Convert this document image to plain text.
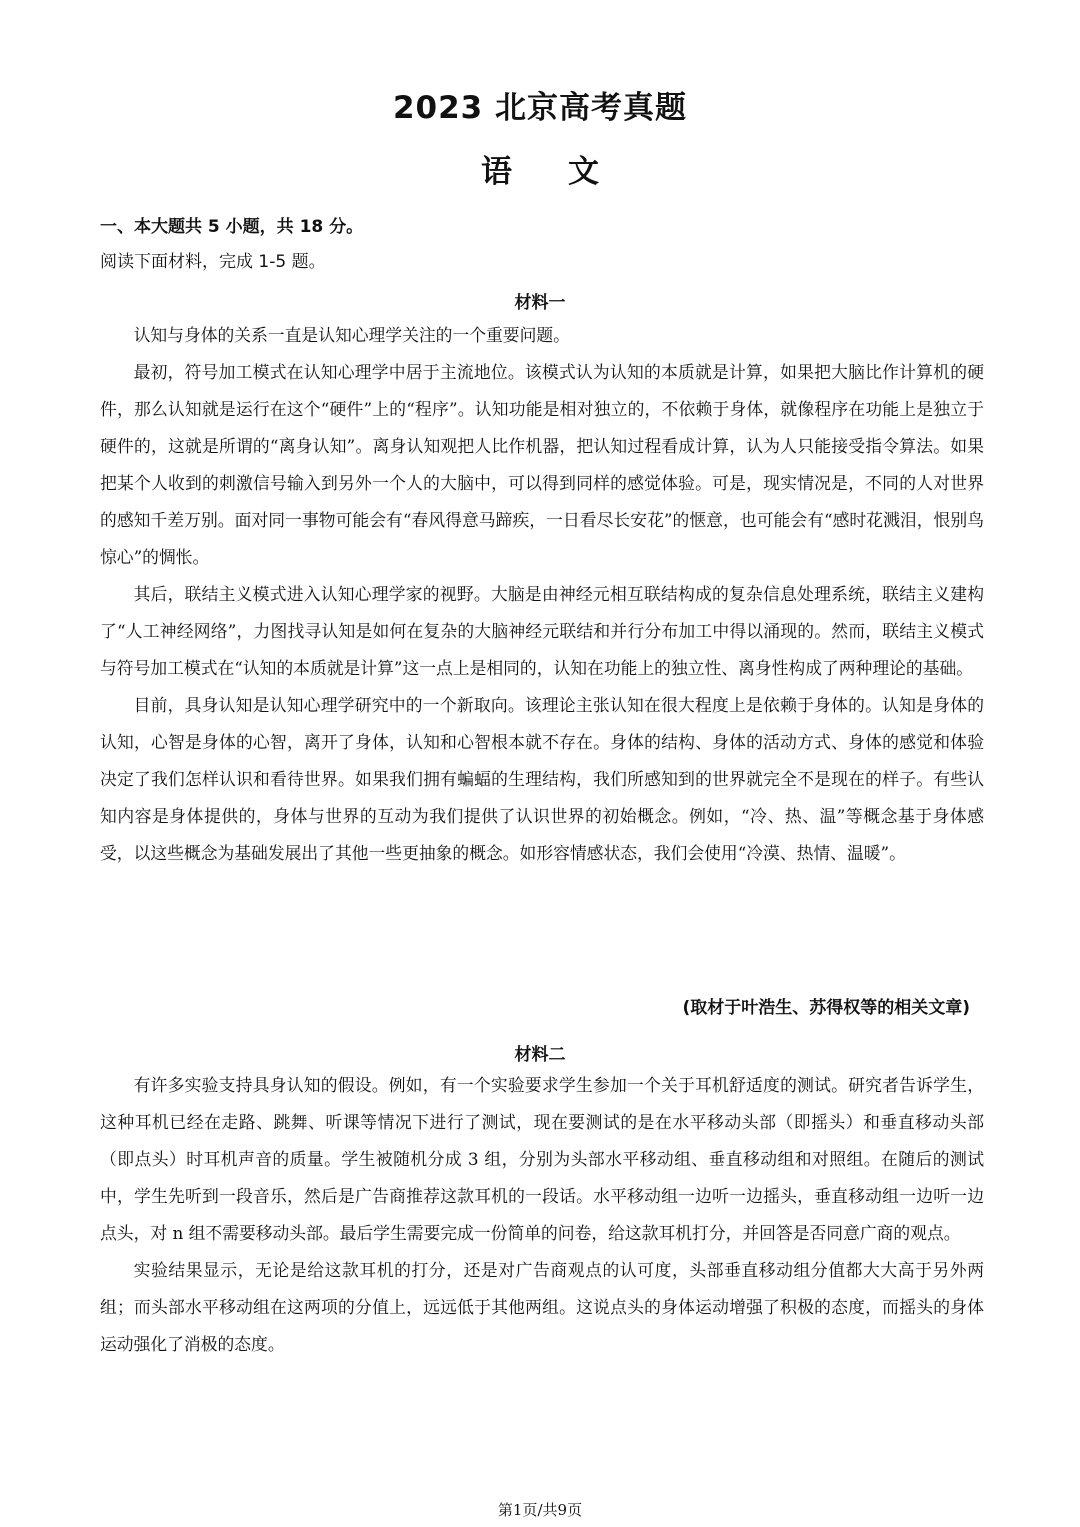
2023 北京高考真题
语文
一、本大题共 5 小题，共 18 分。
阅读下面材料，完成 1-5 题。
材料一

认知与身体的关系一直是认知心理学关注的一个重要问题。

最初，符号加工模式在认知心理学中居于主流地位。该模式认为认知的本质就是计算，如果把大脑比作计算机的硬件，那么认知就是运行在这个“硬件”上的“程序”。认知功能是相对独立的，不依赖于身体，就像程序在功能上是独立于硬件的，这就是所谓的“离身认知”。离身认知观把人比作机器，把认知过程看成计算，认为人只能接受指令算法。如果把某个人收到的刺激信号输入到另外一个人的大脑中，可以得到同样的感觉体验。可是，现实情况是，不同的人对世界的感知千差万别。面对同一事物可能会有“春风得意马蹄疾，一日看尽长安花”的惬意，也可能会有“感时花溅泪，恨别鸟惊心”的惆怅。

其后，联结主义模式进入认知心理学家的视野。大脑是由神经元相互联结构成的复杂信息处理系统，联结主义建构了“人工神经网络”，力图找寻认知是如何在复杂的大脑神经元联结和并行分布加工中得以涌现的。然而，联结主义模式与符号加工模式在“认知的本质就是计算”这一点上是相同的，认知在功能上的独立性、离身性构成了两种理论的基础。

目前，具身认知是认知心理学研究中的一个新取向。该理论主张认知在很大程度上是依赖于身体的。认知是身体的认知，心智是身体的心智，离开了身体，认知和心智根本就不存在。身体的结构、身体的活动方式、身体的感觉和体验决定了我们怎样认识和看待世界。如果我们拥有蝙蝠的生理结构，我们所感知到的世界就完全不是现在的样子。有些认知内容是身体提供的，身体与世界的互动为我们提供了认识世界的初始概念。例如，“冷、热、温”等概念基于身体感受，以这些概念为基础发展出了其他一些更抽象的概念。如形容情感状态，我们会使用“冷漠、热情、温暖”。

(取材于叶浩生、苏得权等的相关文章)
材料二

有许多实验支持具身认知的假设。例如，有一个实验要求学生参加一个关于耳机舒适度的测试。研究者告诉学生，这种耳机已经在走路、跳舞、听课等情况下进行了测试，现在要测试的是在水平移动头部（即摇头）和垂直移动头部（即点头）时耳机声音的质量。学生被随机分成 3 组，分别为头部水平移动组、垂直移动组和对照组。在随后的测试中，学生先听到一段音乐，然后是广告商推荐这款耳机的一段话。水平移动组一边听一边摇头，垂直移动组一边听一边点头，对 n 组不需要移动头部。最后学生需要完成一份简单的问卷，给这款耳机打分，并回答是否同意广商的观点。

实验结果显示，无论是给这款耳机的打分，还是对广告商观点的认可度，头部垂直移动组分值都大大高于另外两组；而头部水平移动组在这两项的分值上，远远低于其他两组。这说点头的身体运动增强了积极的态度，而摇头的身体运动强化了消极的态度。

第1页/共9页
